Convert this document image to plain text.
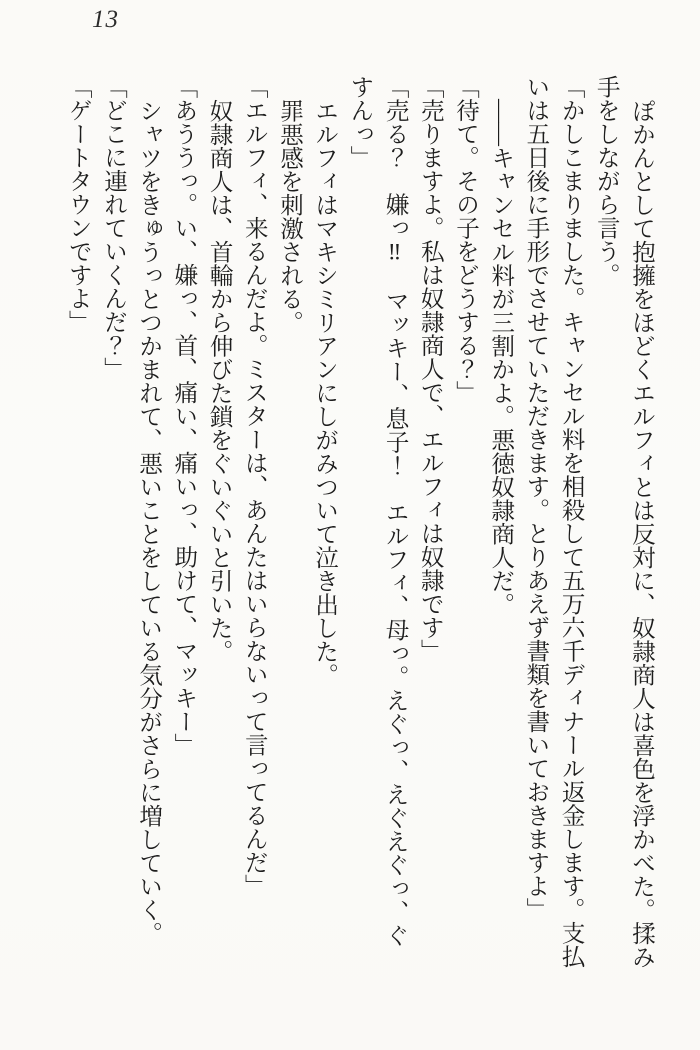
13

ぽかんとして抱擁をほどくエルフィとは反対に、奴隷商人は喜色を浮かべた。揉み手をしながら言う。

「かしこまりました。キャンセル料を相殺して五万六千ディナール返金します。支払いは五日後に手形でさせていただきます。とりあえず書類を書いておきますよ」

――キャンセル料が三割かよ。悪徳奴隷商人だ。

「待て。その子をどうする？」

「売りますよ。私は奴隷商人で、エルフィは奴隷です」

「売る？　嫌っ‼　マッキー、息子！　エルフィ、母っ。えぐっ、えぐえぐっ、ぐすんっ」

エルフィはマキシミリアンにしがみついて泣き出した。

罪悪感を刺激される。

「エルフィ、来るんだよ。ミスターは、あんたはいらないって言ってるんだ」

奴隷商人は、首輪から伸びた鎖をぐいぐいと引いた。

「あううっ。い、嫌っ、首、痛い、痛いっ、助けて、マッキー」

シャツをきゅうっとつかまれて、悪いことをしている気分がさらに増していく。

「どこに連れていくんだ？」

「ゲートタウンですよ」
